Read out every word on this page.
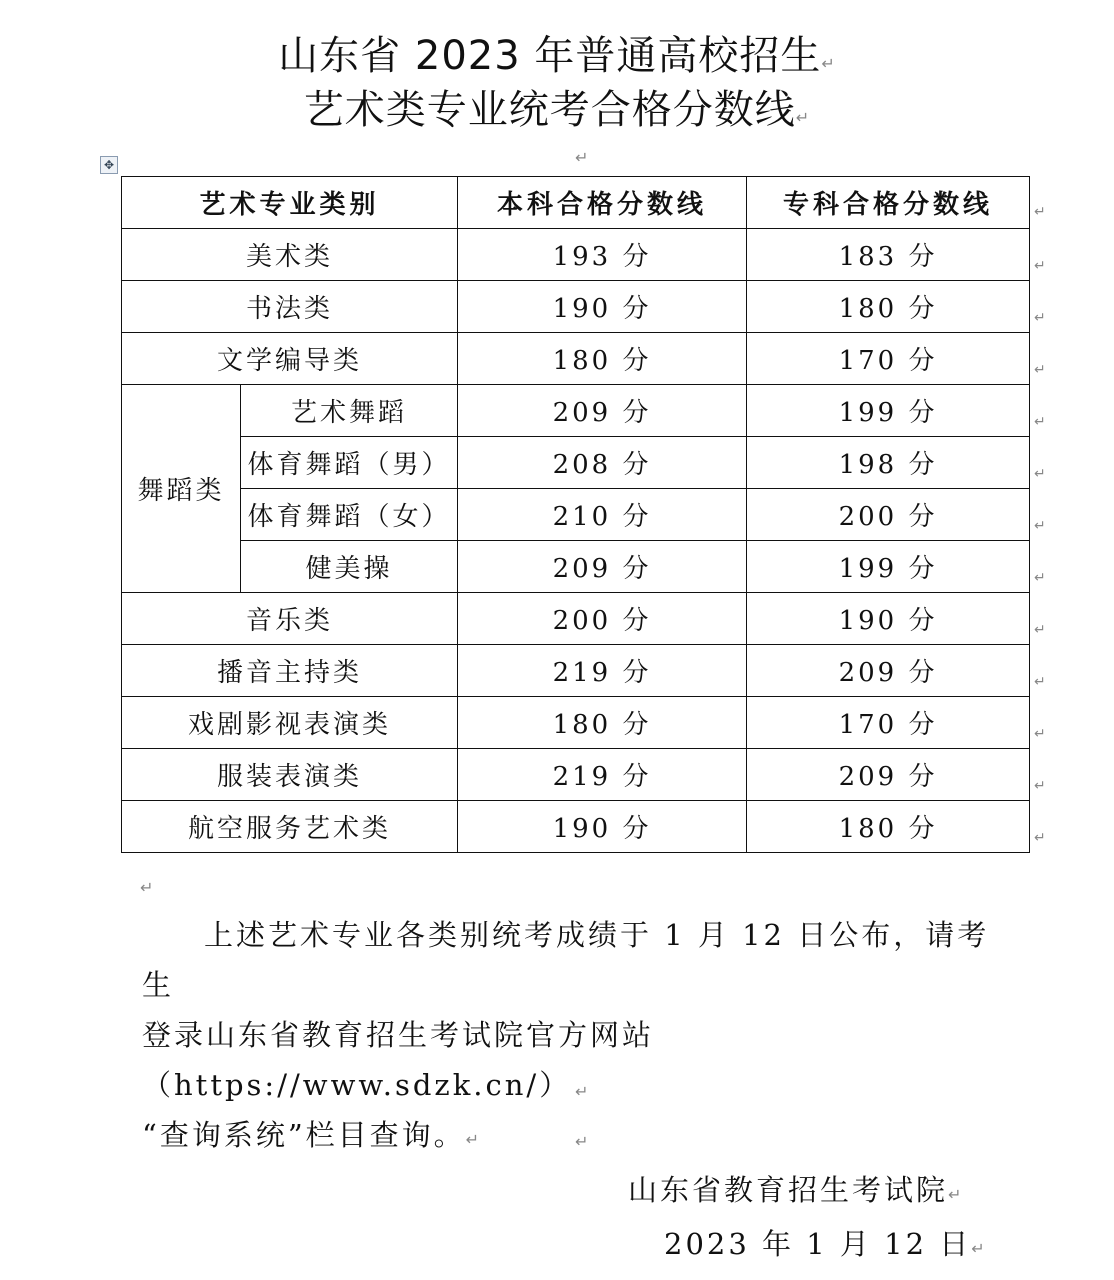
山东省 2023 年普通高校招生↵
艺术类专业统考合格分数线↵
↵
✥
艺术专业类别		本科合格分数线	专科合格分数线
美术类		193 分	183 分
书法类		190 分	180 分
文学编导类		180 分	170 分
舞蹈类	艺术舞蹈	209 分	199 分
	体育舞蹈（男）	208 分	198 分
	体育舞蹈（女）	210 分	200 分
	健美操	209 分	199 分
音乐类		200 分	190 分
播音主持类		219 分	209 分
戏剧影视表演类		180 分	170 分
服装表演类		219 分	209 分
航空服务艺术类		190 分	180 分
↵
↵
↵
↵
↵
↵
↵
↵
↵
↵
↵
↵
↵
↵
上述艺术专业各类别统考成绩于 1 月 12 日公布，请考生
登录山东省教育招生考试院官方网站（https://www.sdzk.cn/）
“查询系统”栏目查询。↵
↵
↵
山东省教育招生考试院↵
2023 年 1 月 12 日↵
